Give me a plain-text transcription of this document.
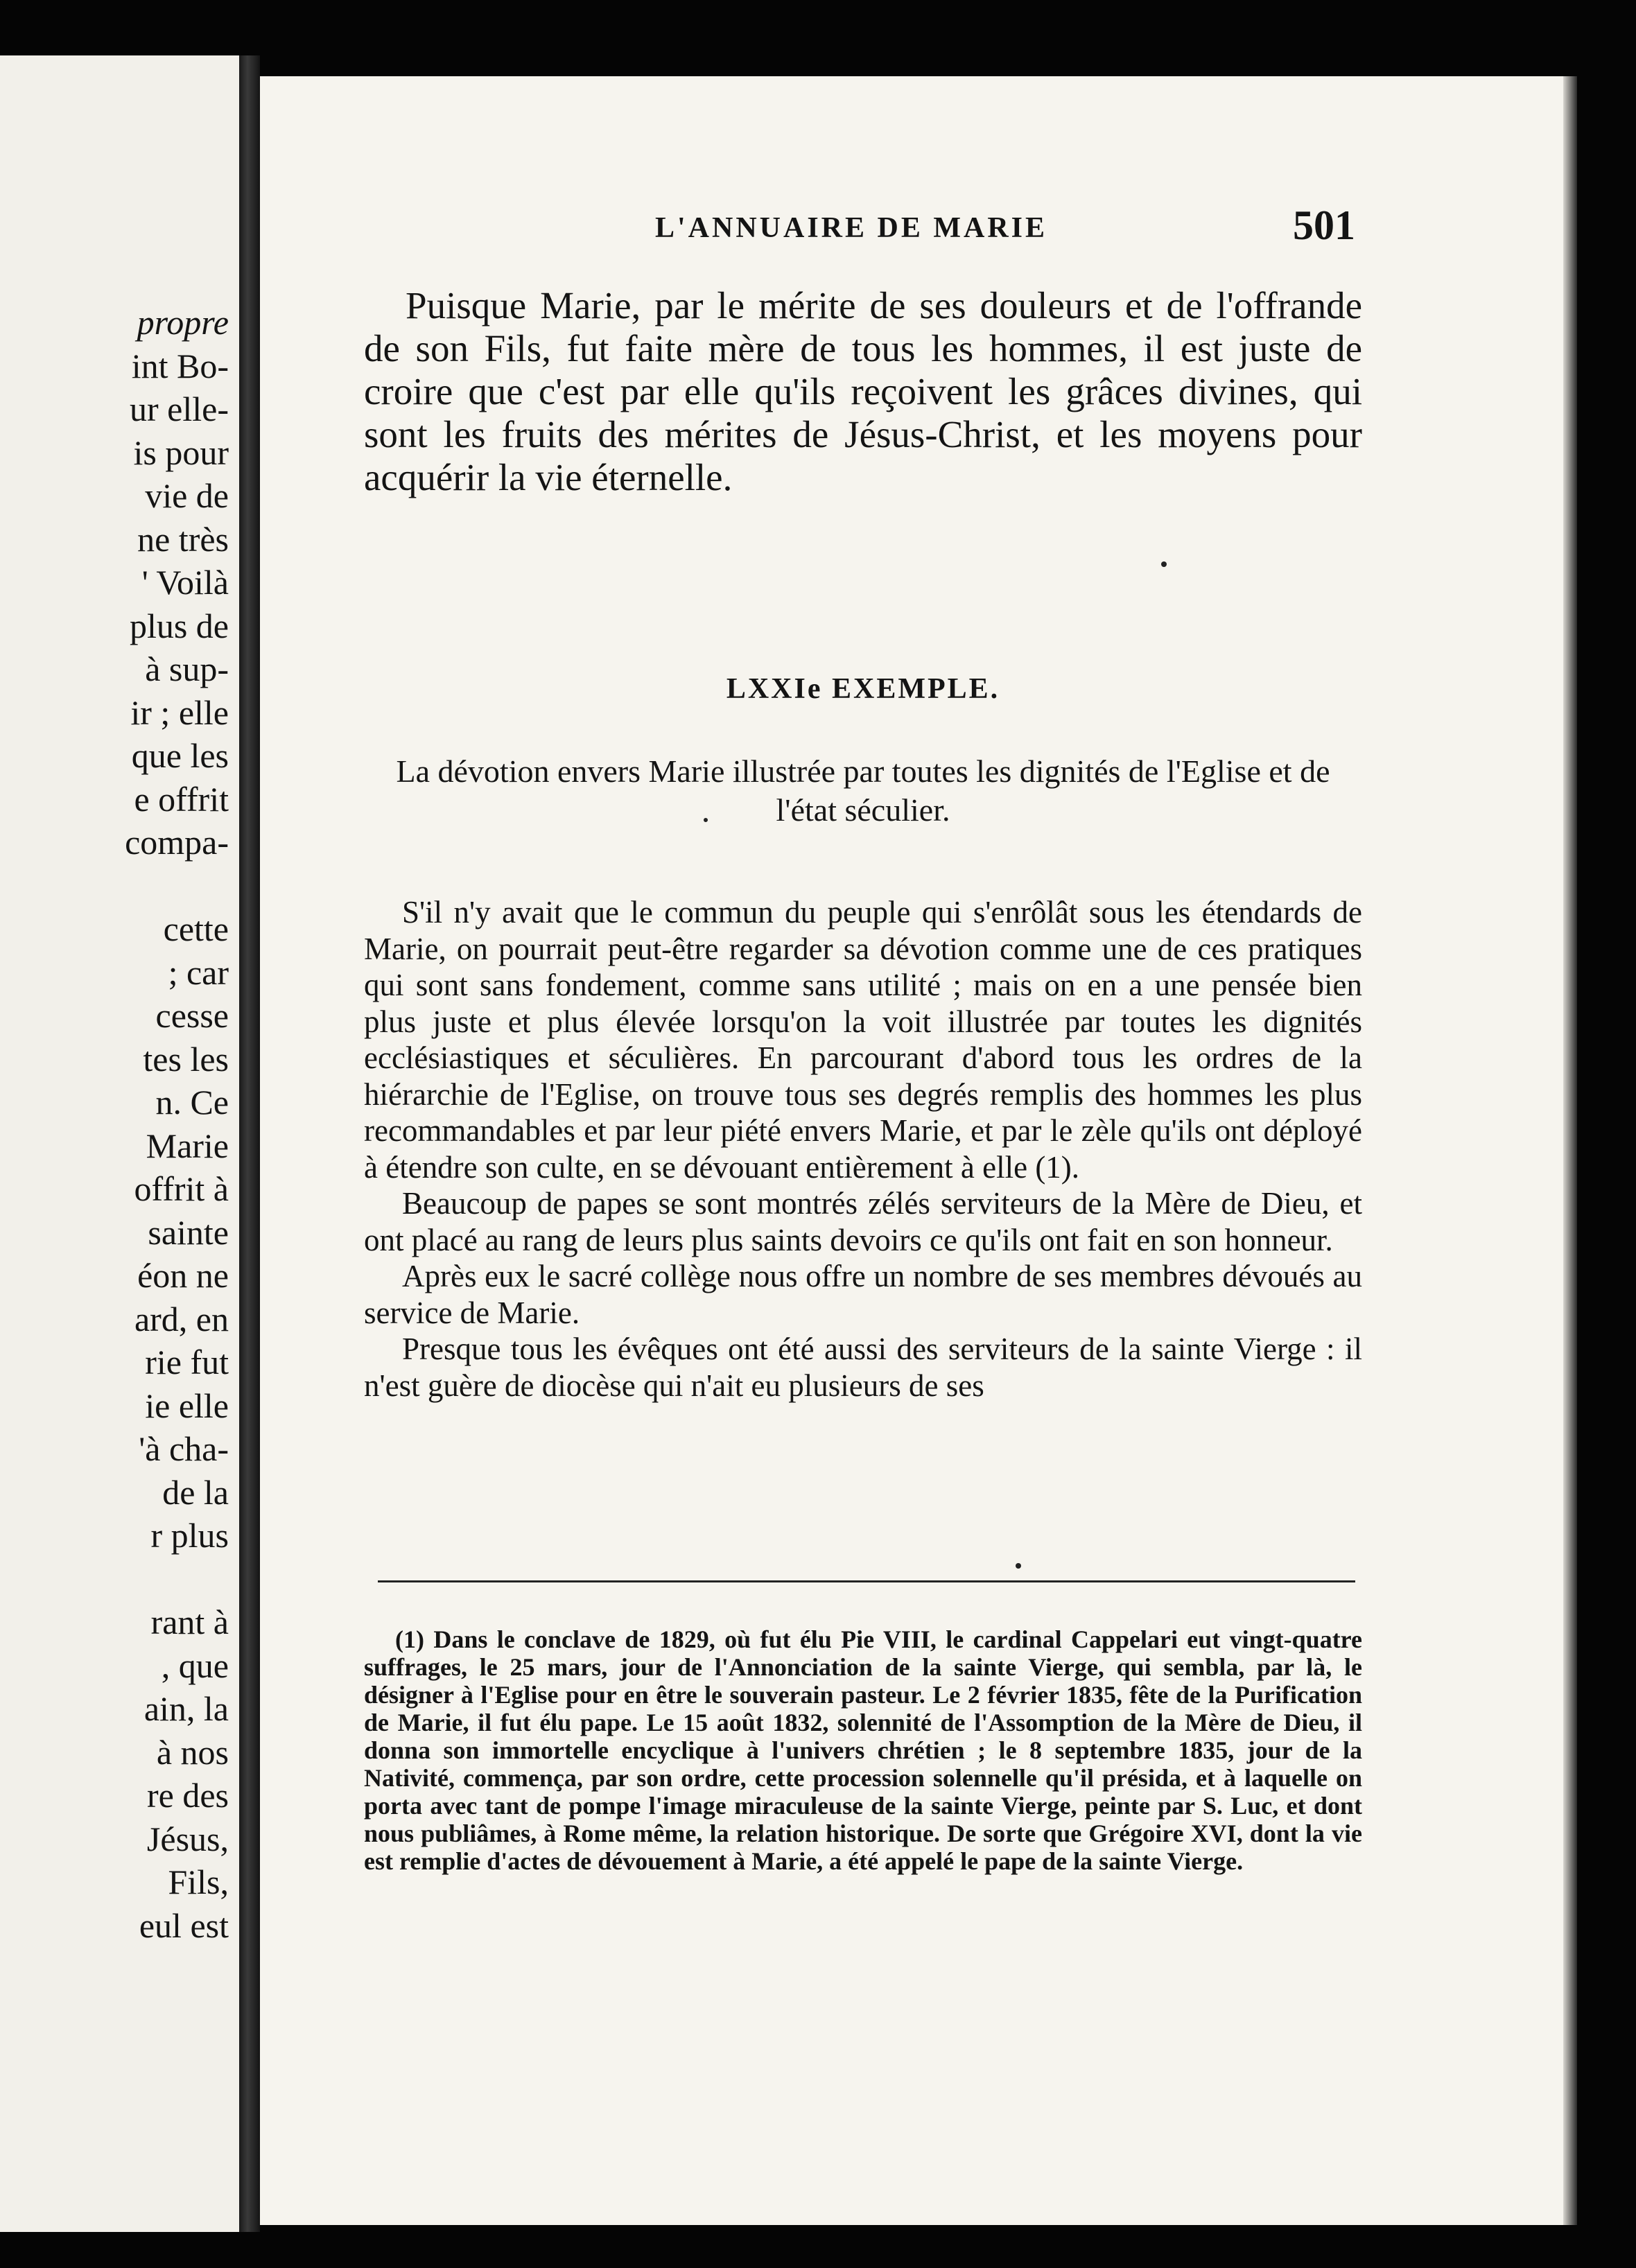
propre
int Bo-
ur elle-
is pour
vie de
ne très
' Voilà
plus de
à sup-
ir ; elle
que les
e offrit
compa-
cette
; car
cesse
tes les
n. Ce
Marie
offrit à
sainte
éon ne
ard, en
rie fut
ie elle
'à cha-
de la
r plus
rant à
, que
ain, la
à nos
re des
Jésus,
Fils,
eul est
L'ANNUAIRE DE MARIE	501

Puisque Marie, par le mérite de ses douleurs et de l'offrande de son Fils, fut faite mère de tous les hommes, il est juste de croire que c'est par elle qu'ils reçoivent les grâces divines, qui sont les fruits des mérites de Jésus-Christ, et les moyens pour acquérir la vie éternelle.

LXXIe EXEMPLE.
La dévotion envers Marie illustrée par toutes les dignités de l'Eglise et de l'état séculier.

S'il n'y avait que le commun du peuple qui s'enrôlât sous les étendards de Marie, on pourrait peut-être regarder sa dévotion comme une de ces pratiques qui sont sans fondement, comme sans utilité ; mais on en a une pensée bien plus juste et plus élevée lorsqu'on la voit illustrée par toutes les dignités ecclésiastiques et séculières. En parcourant d'abord tous les ordres de la hiérarchie de l'Eglise, on trouve tous ses degrés remplis des hommes les plus recommandables et par leur piété envers Marie, et par le zèle qu'ils ont déployé à étendre son culte, en se dévouant entièrement à elle (1).

Beaucoup de papes se sont montrés zélés serviteurs de la Mère de Dieu, et ont placé au rang de leurs plus saints devoirs ce qu'ils ont fait en son honneur.

Après eux le sacré collège nous offre un nombre de ses membres dévoués au service de Marie.

Presque tous les évêques ont été aussi des serviteurs de la sainte Vierge : il n'est guère de diocèse qui n'ait eu plusieurs de ses

(1) Dans le conclave de 1829, où fut élu Pie VIII, le cardinal Cappelari eut vingt-quatre suffrages, le 25 mars, jour de l'Annonciation de la sainte Vierge, qui sembla, par là, le désigner à l'Eglise pour en être le souverain pasteur. Le 2 février 1835, fête de la Purification de Marie, il fut élu pape. Le 15 août 1832, solennité de l'Assomption de la Mère de Dieu, il donna son immortelle encyclique à l'univers chrétien ; le 8 septembre 1835, jour de la Nativité, commença, par son ordre, cette procession solennelle qu'il présida, et à laquelle on porta avec tant de pompe l'image miraculeuse de la sainte Vierge, peinte par S. Luc, et dont nous publiâmes, à Rome même, la relation historique. De sorte que Grégoire XVI, dont la vie est remplie d'actes de dévouement à Marie, a été appelé le pape de la sainte Vierge.
